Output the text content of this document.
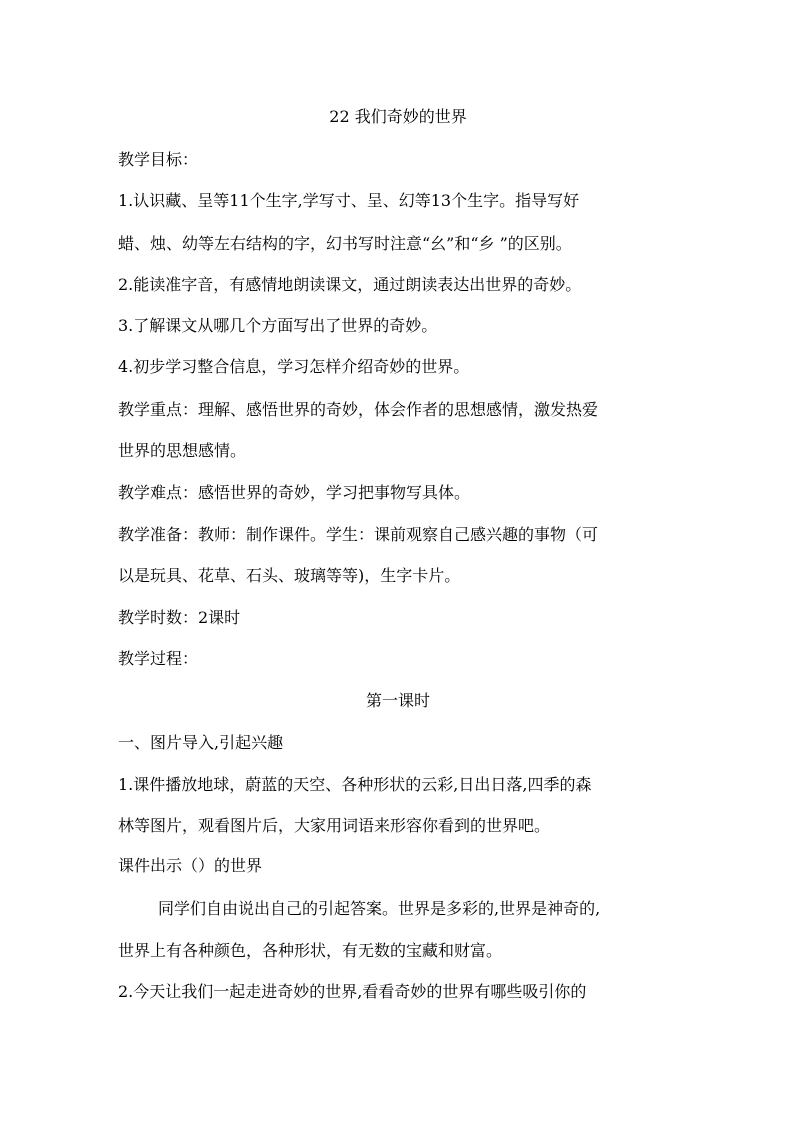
22 我们奇妙的世界
教学目标：
1.认识藏、呈等11个生字,学写寸、呈、幻等13个生字。指导写好
蜡、烛、幼等左右结构的字，幻书写时注意“幺”和“乡 ”的区别。
2.能读准字音，有感情地朗读课文，通过朗读表达出世界的奇妙。
3.了解课文从哪几个方面写出了世界的奇妙。
4.初步学习整合信息，学习怎样介绍奇妙的世界。
教学重点：理解、感悟世界的奇妙，体会作者的思想感情，激发热爱
世界的思想感情。
教学难点：感悟世界的奇妙，学习把事物写具体。
教学准备：教师：制作课件。学生：课前观察自己感兴趣的事物（可
以是玩具、花草、石头、玻璃等等)，生字卡片。
教学时数：2课时
教学过程：
第一课时
一、图片导入,引起兴趣
1.课件播放地球，蔚蓝的天空、各种形状的云彩,日出日落,四季的森
林等图片，观看图片后，大家用词语来形容你看到的世界吧。
课件出示（）的世界
同学们自由说出自己的引起答案。世界是多彩的,世界是神奇的,
世界上有各种颜色，各种形状，有无数的宝藏和财富。
2.今天让我们一起走进奇妙的世界,看看奇妙的世界有哪些吸引你的
